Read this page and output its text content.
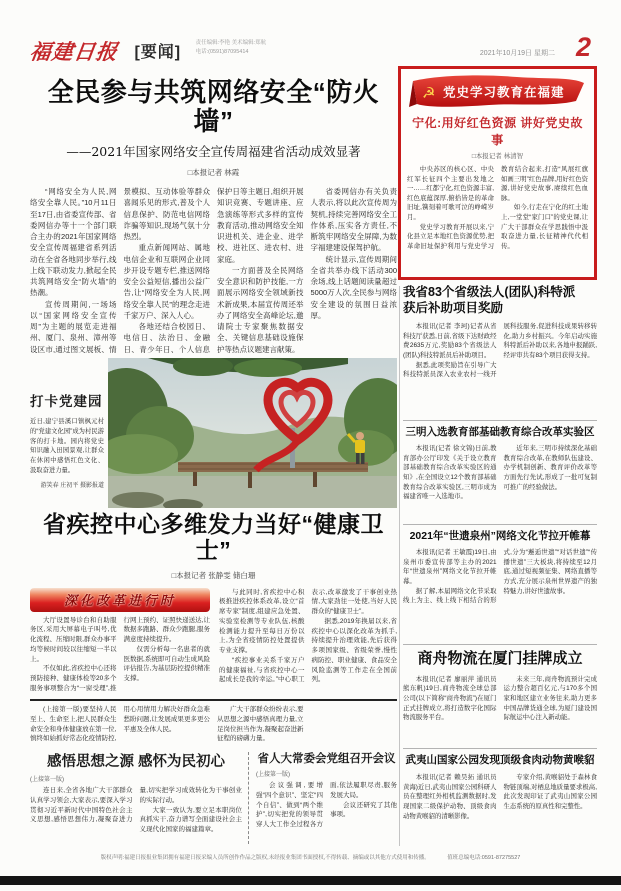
福建日报 [要闻] 责任编辑:李艳 美术编辑:郑航
电话:(0591)87095414	2021年10月19日 星期二 2
全民参与共筑网络安全“防火墙”
——2021年国家网络安全宣传周福建省活动成效显著
□本报记者 林霞

“网络安全为人民,网络安全靠人民。”10月11日至17日,由省委宣传部、省委网信办等十一个部门联合主办的2021年国家网络安全宣传周福建省系列活动在全省各地同步举行,线上线下联动发力,掀起全民共筑网络安全“防火墙”的热潮。

宣传周期间,一场场以“国家网络安全宣传周”为主题的展览走进福州、厦门、泉州、漳州等设区市,通过图文展板、情景模拟、互动体验等群众喜闻乐见的形式,普及个人信息保护、防范电信网络诈骗等知识,现场气氛十分热烈。

重点新闻网站、属地电信企业和互联网企业同步开设专题专栏,推送网络安全公益短信,播出公益广告,让“网络安全为人民,网络安全靠人民”的理念走进千家万户、深入人心。

各地还结合校园日、电信日、法治日、金融日、青少年日、个人信息保护日等主题日,组织开展知识竞赛、专题讲座、应急演练等形式多样的宣传教育活动,推动网络安全知识进机关、进企业、进学校、进社区、进农村、进家庭。

一方面普及全民网络安全意识和防护技能,一方面展示网络安全领域新技术新成果,本届宣传周还举办了网络安全高峰论坛,邀请院士专家聚焦数据安全、关键信息基础设施保护等热点议题建言献策。

省委网信办有关负责人表示,将以此次宣传周为契机,持续完善网络安全工作体系,压实各方责任,不断筑牢网络安全屏障,为数字福建建设保驾护航。

统计显示,宣传周期间全省共举办线下活动300余场,线上话题阅读量超过5000万人次,全民参与网络安全建设的氛围日益浓厚。

打卡党建园
近日,建宁县溪口镇枫元村的“党建文化园”成为村民游客的打卡地。园内将党史知识融入田园景观,让群众在休闲中感悟红色文化、汲取奋进力量。
游笑春 庄初平 摄影报道
省疾控中心多维发力当好“健康卫士”
□本报记者 张静雯 储白珊
深化改革进行时

大厅设置导诊台和自助服务区,采用大屏幕电子叫号,优化流程、压缩时限,群众办事平均等候时间较以往缩短一半以上。

不仅如此,省疾控中心还将预防接种、健康体检等20多个服务事项整合为“一窗受理”,推行网上预约、证照快递送达,让数据多跑路、群众少跑腿,服务满意度持续提升。

仅需分析每一名患者的就医数据,系统即可自动生成风险评估报告,为基层防控提供精准支撑。

与此同时,省疾控中心积极推进疾控体系改革,设立“首席专家”制度,组建应急处置、实验室检测等专业队伍,核酸检测能力提升至每日万份以上,为全省疫情防控处置提供专业支撑。

“疾控事业关系千家万户的健康福祉,与省疾控中心一起成长是我的幸运。”中心职工表示,改革激发了干事创业热情,大家劲往一处使,当好人民群众的“健康卫士”。

据悉,2019年换届以来,省疾控中心以深化改革为抓手,持续提升治理效能,先后获得多项国家级、省级荣誉,慢性病防控、职业健康、食品安全风险监测等工作走在全国前列。

(上接第一版)要坚持人民至上、生命至上,把人民群众生命安全和身体健康放在第一位,慎终如始抓好常态化疫情防控,用心用情用力解决好群众急难愁盼问题,让发展成果更多更公平惠及全体人民。

广大干部群众纷纷表示,要从思想之源中感悟真理力量,立足岗位担当作为,凝聚起奋进新征程的磅礴力量。

感悟思想之源 感怀为民初心
(上接第一版)

连日来,全省各地广大干部群众认真学习领会,大家表示,要深入学习贯彻习近平新时代中国特色社会主义思想,感悟思想伟力,凝聚奋进力量,切实把学习成效转化为干事创业的实际行动。

大家一致认为,要立足本职岗位真抓实干,奋力谱写全面建设社会主义现代化国家的福建篇章。

省人大常委会党组召开会议
(上接第一版)

会议强调,要增强“四个意识”、坚定“四个自信”、做到“两个维护”,切实把党的领导贯穿人大工作全过程各方面,依法履职尽责,服务发展大局。

会议还研究了其他事项。

☭ 党史学习教育在福建
宁化:用好红色资源 讲好党史故事
□本报记者 林清智

中央苏区的核心区、中央红军长征四个主要出发地之一……红都宁化,红色资源丰富,红色底蕴深厚,俯拾皆是的革命旧址,镌刻着可歌可泣的峥嵘岁月。

党史学习教育开展以来,宁化县立足本地红色资源优势,把革命旧址保护利用与党史学习教育结合起来,打造“风展红旗 如画三明”红色品牌,用好红色资源,讲好党史故事,赓续红色血脉。

如今,行走在宁化的红土地上,一堂堂“家门口”的党史课,让广大干部群众在学思践悟中汲取奋进力量,长征精神代代相传。

我省83个省级法人(团队)科特派
获后补助项目奖励

本报讯(记者 李珂)记者从省科技厅获悉,日前,省级下达财政经费2635万元,奖励83个省级法人(团队)科技特派员后补助项目。

据悉,此项奖励旨在引导广大科技特派员深入农业农村一线开展科技服务,促进科技成果转移转化,助力乡村振兴。今年启动实施科特派后补助以来,各地申报踊跃,经评审共有83个项目获得支持。

三明入选教育部基础教育综合改革实验区

本报讯(记者 徐文锦)日前,教育部办公厅印发《关于设立教育部基础教育综合改革实验区的通知》,在全国设立12个教育部基础教育综合改革实验区,三明市成为福建省唯一入选地市。

近年来,三明市持续深化基础教育综合改革,在教师队伍建设、办学机制创新、教育评价改革等方面先行先试,形成了一批可复制可推广的经验做法。

2021年“世遗泉州”网络文化节拉开帷幕

本报讯(记者 王敏霞)19日,由泉州市委宣传部等主办的2021年“世遗泉州”网络文化节拉开帷幕。

据了解,本届网络文化节采取线上为主、线上线下相结合的形式,分为“邂逅世遗”“对话世遗”“传播世遗”三大板块,将持续至12月底,通过短视频征集、网络直播等方式,充分展示泉州世界遗产的独特魅力,讲好世遗故事。

商舟物流在厦门挂牌成立

本报讯(记者 廖丽萍 通讯员 熊东帆)19日,商舟物流全球总部公司(以下简称“商舟物流”)在厦门正式挂牌成立,将打造数字化国际物流服务平台。

未来三年,商舟物流预计完成运力整合超百亿元,与170多个国家和地区建立业务往来,助力更多中国品牌货通全球,为厦门建设国际航运中心注入新动能。

武夷山国家公园发现顶级食肉动物黄喉貂

本报讯(记者 赖昊拓 通讯员 黄海)近日,武夷山国家公园科研人员在整理红外相机监测数据时,发现国家二级保护动物、顶级食肉动物黄喉貂的清晰影像。

专家介绍,黄喉貂处于森林食物链顶端,对栖息地质量要求极高,此次发现印证了武夷山国家公园生态系统的原真性和完整性。

版权声明:福建日报报业集团拥有福建日报采编人员所创作作品之版权,未经报业集团书面授权,不得转载、摘编或以其他方式使用和传播。	值班总编电话:0591-87275527
